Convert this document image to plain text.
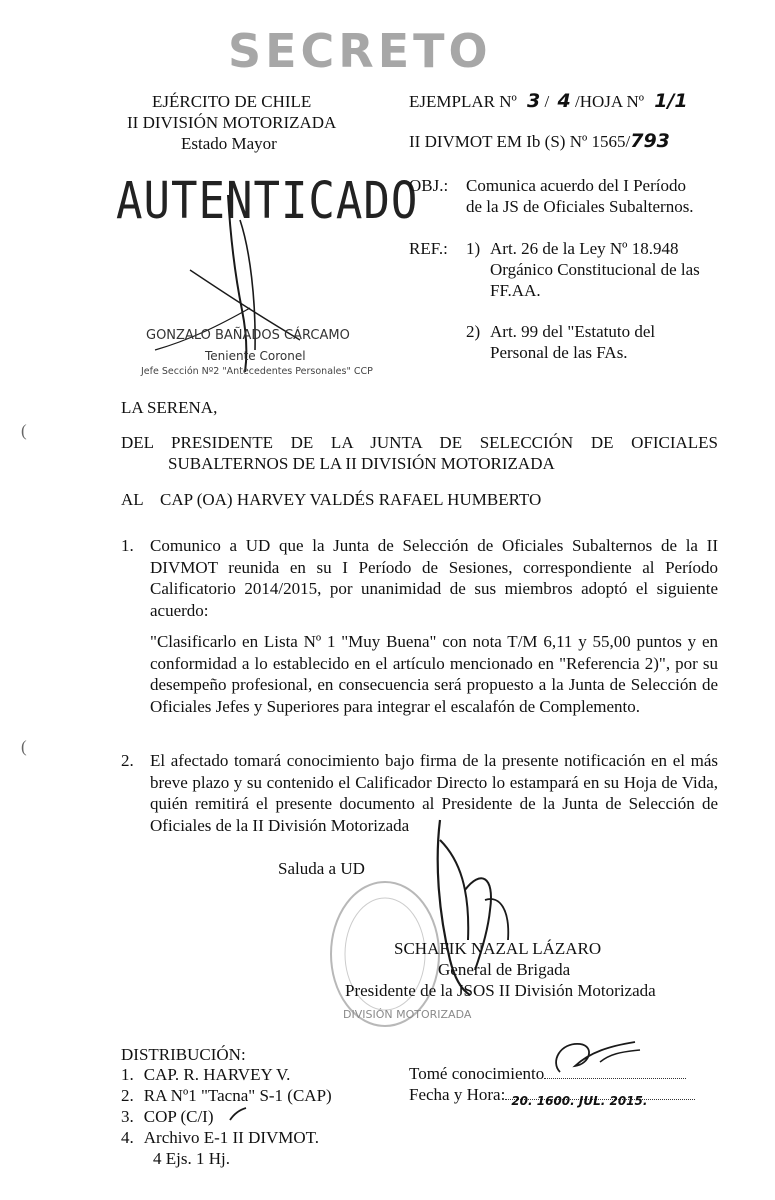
SECRETO
EJÉRCITO DE CHILE
II DIVISIÓN MOTORIZADA
Estado Mayor
EJEMPLAR Nº 3 / 4 /HOJA Nº 1/1
II DIVMOT EM Ib (S) Nº 1565/793
AUTENTICADO
GONZALO BAÑADOS CÁRCAMO
Teniente Coronel
Jefe Sección Nº2 "Antecedentes Personales" CCP
OBJ.: Comunica acuerdo del I Período
de la JS de Oficiales Subalternos.
REF.: 1) Art. 26 de la Ley Nº 18.948
Orgánico Constitucional de las
FF.AA.
2) Art. 99 del "Estatuto del
Personal de las FAs.
LA SERENA,
DEL PRESIDENTE DE LA JUNTA DE SELECCIÓN DE OFICIALES
SUBALTERNOS DE LA II DIVISIÓN MOTORIZADA
AL CAP (OA) HARVEY VALDÉS RAFAEL HUMBERTO
1. Comunico a UD que la Junta de Selección de Oficiales Subalternos de la II DIVMOT reunida en su I Período de Sesiones, correspondiente al Período Calificatorio 2014/2015, por unanimidad de sus miembros adoptó el siguiente acuerdo:
"Clasificarlo en Lista Nº 1 "Muy Buena" con nota T/M 6,11 y 55,00 puntos y en conformidad a lo establecido en el artículo mencionado en "Referencia 2)", por su desempeño profesional, en consecuencia será propuesto a la Junta de Selección de Oficiales Jefes y Superiores para integrar el escalafón de Complemento.
2. El afectado tomará conocimiento bajo firma de la presente notificación en el más breve plazo y su contenido el Calificador Directo lo estampará en su Hoja de Vida, quién remitirá el presente documento al Presidente de la Junta de Selección de Oficiales de la II División Motorizada
(
(
Saluda a UD
DIVISIÓN MOTORIZADA
SCHAFIK NAZAL LÁZARO
General de Brigada
Presidente de la JSOS II División Motorizada
DISTRIBUCIÓN:
1. CAP. R. HARVEY V.
2. RA Nº1 "Tacna" S-1 (CAP)
3. COP (C/I)
4. Archivo E-1 II DIVMOT.
4 Ejs. 1 Hj.
Tomé conocimiento
Fecha y Hora: 20. 1600. JUL. 2015.
